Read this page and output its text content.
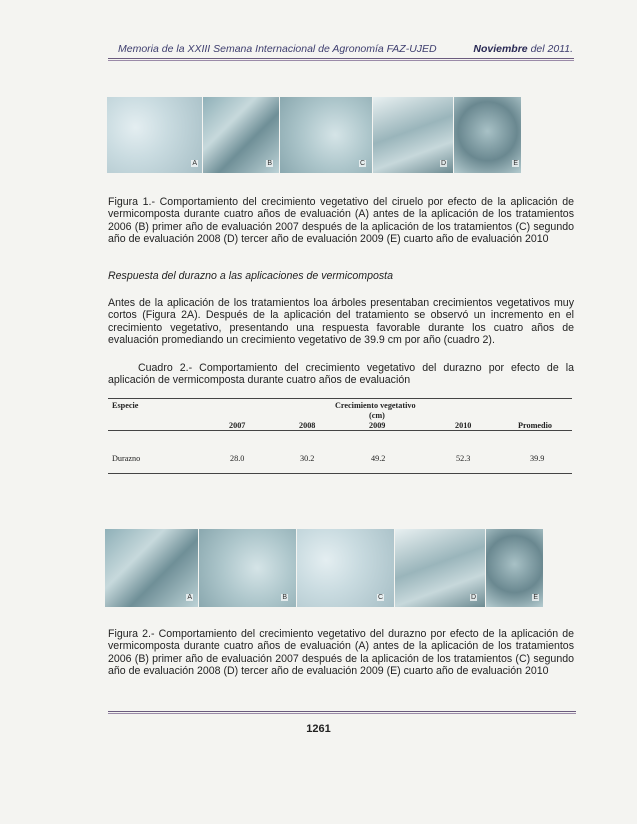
Memoria de la XXIII Semana Internacional de Agronomía FAZ-UJED	Noviembre del 2011.
A	B	C	D	E
Figura 1.- Comportamiento del crecimiento vegetativo del ciruelo por efecto de la aplicación de vermicomposta durante cuatro años de evaluación (A) antes de la aplicación de los tratamientos 2006 (B) primer año de evaluación 2007 después de la aplicación de los tratamientos (C) segundo año de evaluación 2008 (D) tercer año de evaluación 2009 (E) cuarto año de evaluación 2010
Respuesta del durazno a las aplicaciones de vermicomposta
Antes de la aplicación de los tratamientos loa árboles presentaban crecimientos vegetativos muy cortos (Figura 2A). Después de la aplicación del tratamiento se observó un incremento en el crecimiento vegetativo, presentando una respuesta favorable durante los cuatro años de evaluación promediando un crecimiento vegetativo de 39.9 cm por año (cuadro 2).
Cuadro 2.- Comportamiento del crecimiento vegetativo del durazno por efecto de la aplicación de vermicomposta durante cuatro años de evaluación
Especie	Crecimiento vegetativo
(cm)
2007	2008	2009	2010	Promedio
Durazno	28.0	30.2	49.2	52.3	39.9
A	B	C	D	E
Figura 2.- Comportamiento del crecimiento vegetativo del durazno por efecto de la aplicación de vermicomposta durante cuatro años de evaluación (A) antes de la aplicación de los tratamientos 2006 (B) primer año de evaluación 2007 después de la aplicación de los tratamientos (C) segundo año de evaluación 2008 (D) tercer año de evaluación 2009 (E) cuarto año de evaluación 2010
1261
